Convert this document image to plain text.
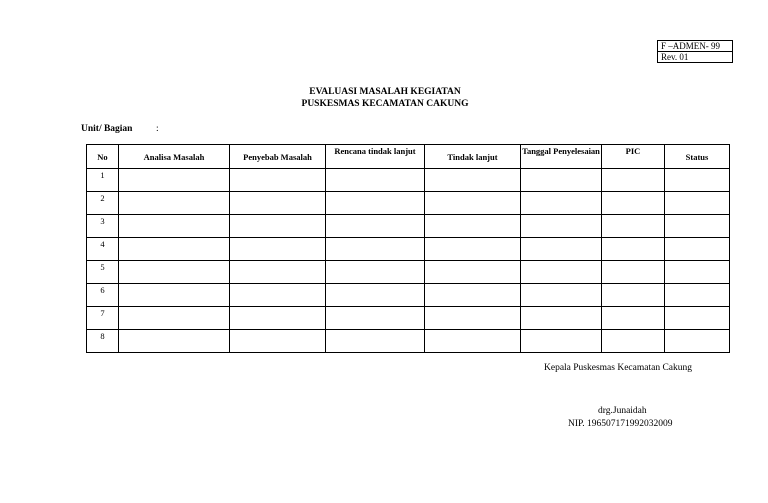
F –ADMEN- 99
Rev. 01
EVALUASI MASALAH KEGIATAN
PUSKESMAS KECAMATAN CAKUNG
Unit/ Bagian :
No	Analisa Masalah	Penyebab Masalah	Rencana tindak lanjut	Tindak lanjut	Tanggal Penyelesaian	PIC	Status
1							
2							
3							
4							
5							
6							
7							
8							
Kepala Puskesmas Kecamatan Cakung
drg.Junaidah
NIP. 196507171992032009
